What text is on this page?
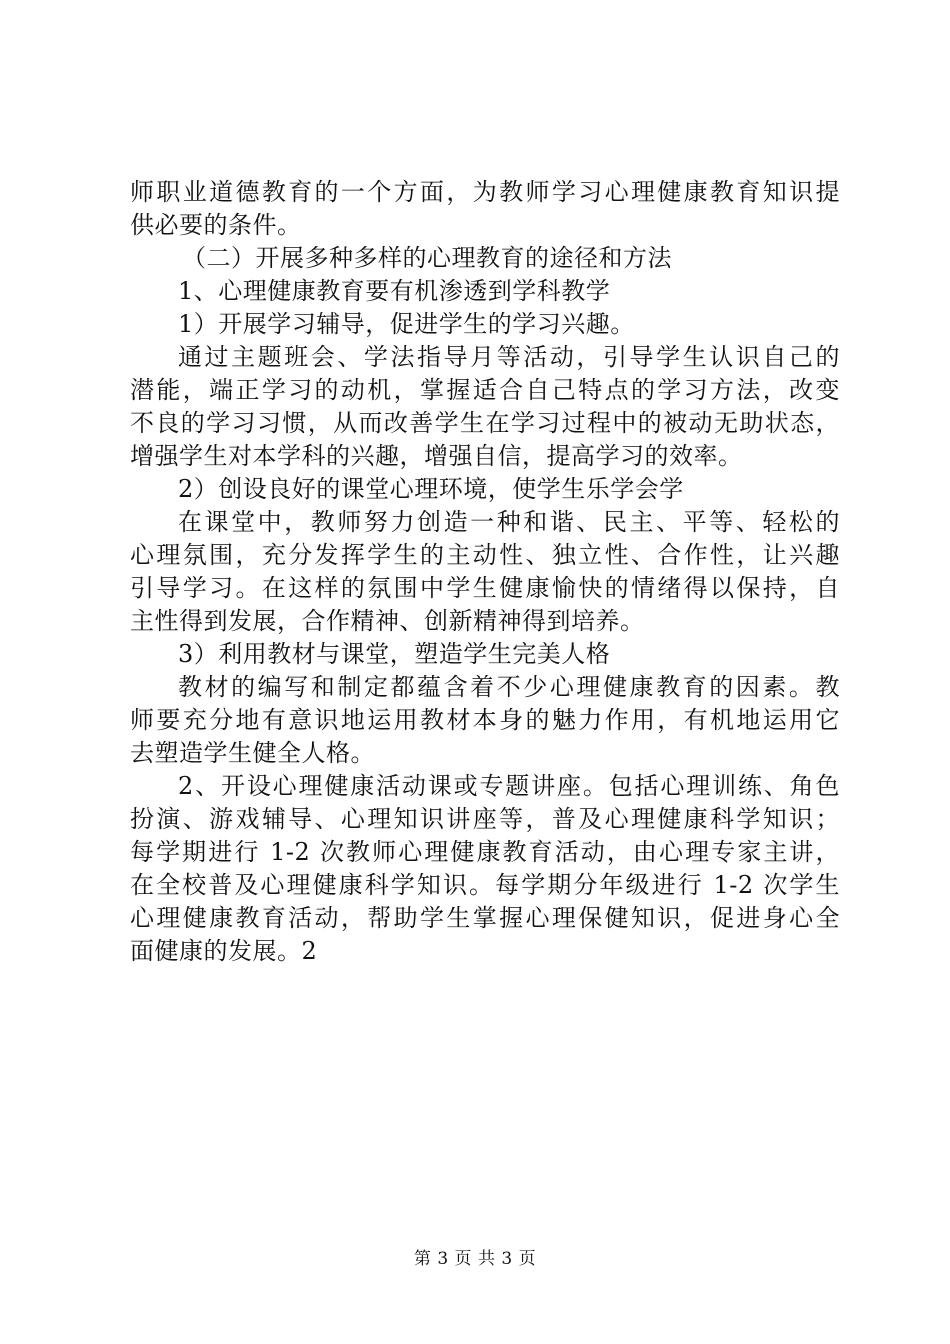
师职业道德教育的一个方面，为教师学习心理健康教育知识提
供必要的条件。
（二）开展多种多样的心理教育的途径和方法
1、心理健康教育要有机渗透到学科教学
1）开展学习辅导，促进学生的学习兴趣。
通过主题班会、学法指导月等活动，引导学生认识自己的
潜能，端正学习的动机，掌握适合自己特点的学习方法，改变
不良的学习习惯，从而改善学生在学习过程中的被动无助状态，
增强学生对本学科的兴趣，增强自信，提高学习的效率。
2）创设良好的课堂心理环境，使学生乐学会学
在课堂中，教师努力创造一种和谐、民主、平等、轻松的
心理氛围，充分发挥学生的主动性、独立性、合作性，让兴趣
引导学习。在这样的氛围中学生健康愉快的情绪得以保持，自
主性得到发展，合作精神、创新精神得到培养。
3）利用教材与课堂，塑造学生完美人格
教材的编写和制定都蕴含着不少心理健康教育的因素。教
师要充分地有意识地运用教材本身的魅力作用，有机地运用它
去塑造学生健全人格。
2、开设心理健康活动课或专题讲座。包括心理训练、角色
扮演、游戏辅导、心理知识讲座等，普及心理健康科学知识；
每学期进行 1-2 次教师心理健康教育活动，由心理专家主讲，
在全校普及心理健康科学知识。每学期分年级进行 1-2 次学生
心理健康教育活动，帮助学生掌握心理保健知识，促进身心全
面健康的发展。2
第 3 页 共 3 页
